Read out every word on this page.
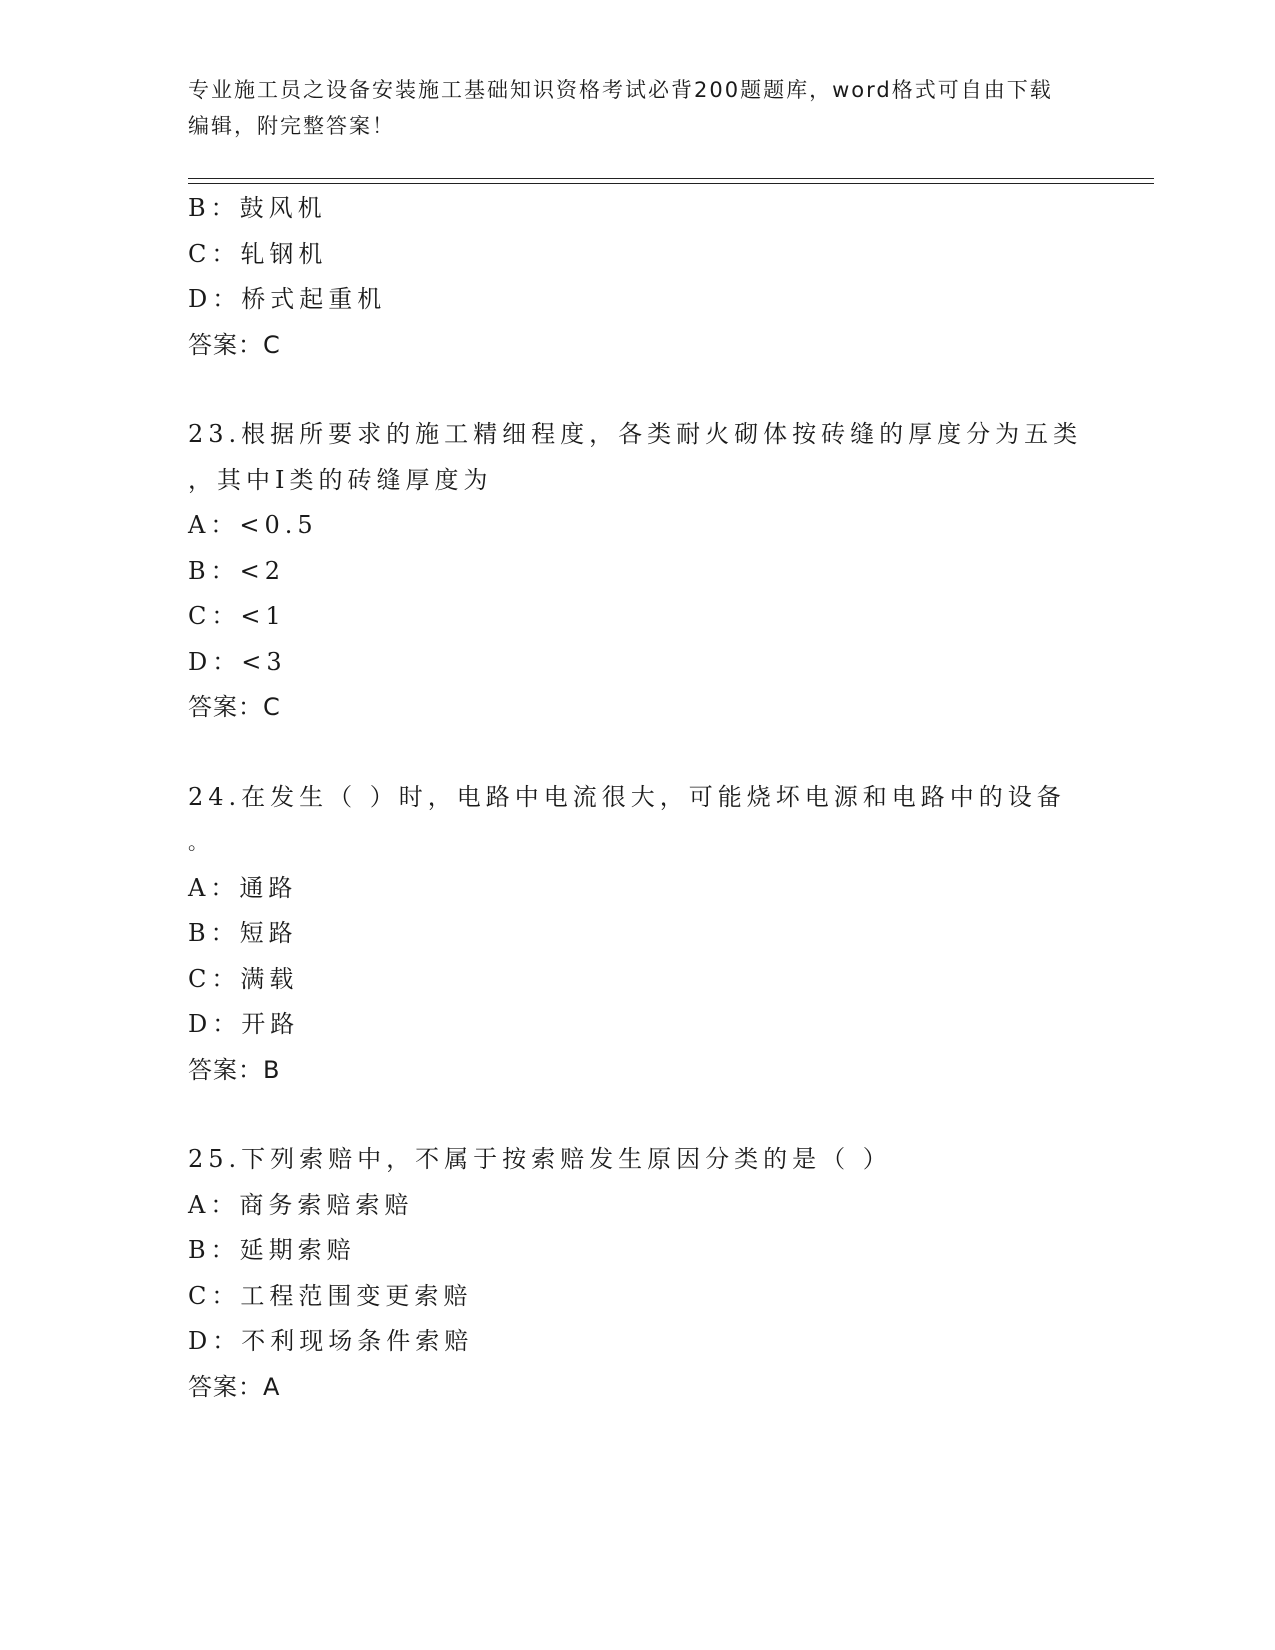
专业施工员之设备安装施工基础知识资格考试必背200题题库，word格式可自由下载编辑，附完整答案！
B：鼓风机
C：轧钢机
D：桥式起重机
答案：C
23.根据所要求的施工精细程度，各类耐火砌体按砖缝的厚度分为五类
，其中Ⅰ类的砖缝厚度为
A：<0.5
B：<2
C：<1
D：<3
答案：C
24.在发生（ ）时，电路中电流很大，可能烧坏电源和电路中的设备
。
A：通路
B：短路
C：满载
D：开路
答案：B
25.下列索赔中，不属于按索赔发生原因分类的是（ ）
A：商务索赔索赔
B：延期索赔
C：工程范围变更索赔
D：不利现场条件索赔
答案：A
